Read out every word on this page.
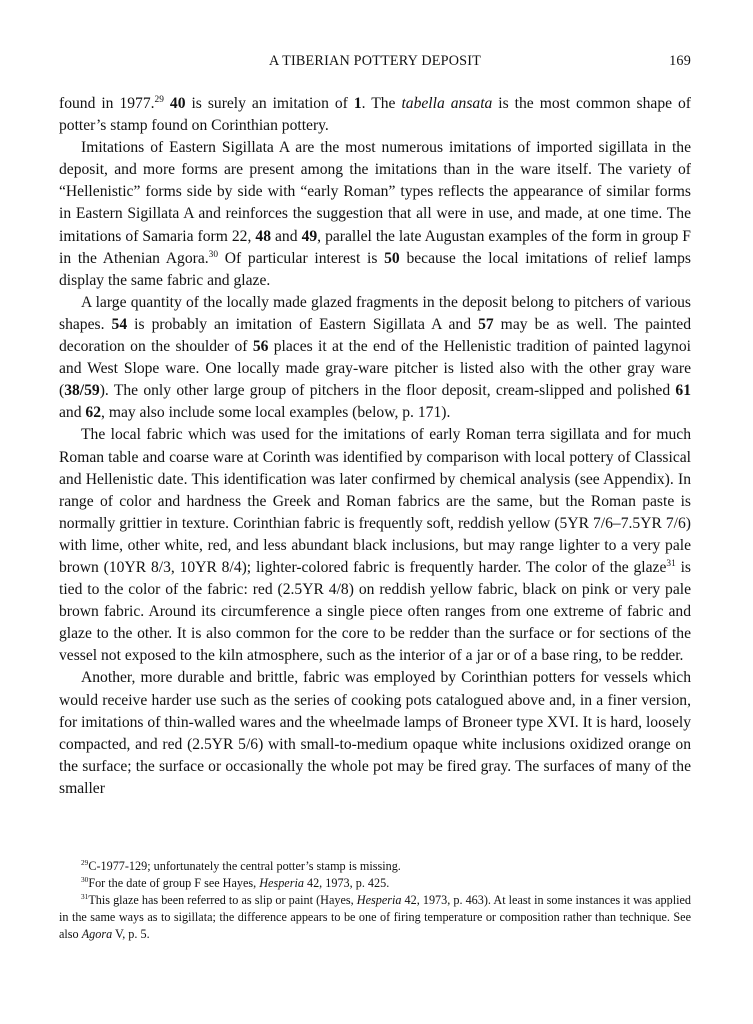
A TIBERIAN POTTERY DEPOSIT	169

found in 1977.29 40 is surely an imitation of 1. The tabella ansata is the most common shape of potter’s stamp found on Corinthian pottery.

Imitations of Eastern Sigillata A are the most numerous imitations of imported sigillata in the deposit, and more forms are present among the imitations than in the ware itself. The variety of “Hellenistic” forms side by side with “early Roman” types reflects the appearance of similar forms in Eastern Sigillata A and reinforces the suggestion that all were in use, and made, at one time. The imitations of Samaria form 22, 48 and 49, parallel the late Augustan examples of the form in group F in the Athenian Agora.$^{30}$ Of particular interest is 50 because the local imitations of relief lamps display the same fabric and glaze.

A large quantity of the locally made glazed fragments in the deposit belong to pitchers of various shapes. 54 is probably an imitation of Eastern Sigillata A and 57 may be as well. The painted decoration on the shoulder of 56 places it at the end of the Hellenistic tradition of painted lagynoi and West Slope ware. One locally made gray-ware pitcher is listed also with the other gray ware (38/59). The only other large group of pitchers in the floor deposit, cream-slipped and polished 61 and 62, may also include some local examples (below, p. 171).

The local fabric which was used for the imitations of early Roman terra sigillata and for much Roman table and coarse ware at Corinth was identified by comparison with local pottery of Classical and Hellenistic date. This identification was later confirmed by chemical analysis (see Appendix). In range of color and hardness the Greek and Roman fabrics are the same, but the Roman paste is normally grittier in texture. Corinthian fabric is frequently soft, reddish yellow (5YR 7/6–7.5YR 7/6) with lime, other white, red, and less abundant black inclusions, but may range lighter to a very pale brown (10YR 8/3, 10YR 8/4); lighter-colored fabric is frequently harder. The color of the glaze$^{31}$ is tied to the color of the fabric: red (2.5YR 4/8) on reddish yellow fabric, black on pink or very pale brown fabric. Around its circumference a single piece often ranges from one extreme of fabric and glaze to the other. It is also common for the core to be redder than the surface or for sections of the vessel not exposed to the kiln atmosphere, such as the interior of a jar or of a base ring, to be redder.

Another, more durable and brittle, fabric was employed by Corinthian potters for vessels which would receive harder use such as the series of cooking pots catalogued above and, in a finer version, for imitations of thin-walled wares and the wheelmade lamps of Broneer type XVI. It is hard, loosely compacted, and red (2.5YR 5/6) with small-to-medium opaque white inclusions oxidized orange on the surface; the surface or occasionally the whole pot may be fired gray. The surfaces of many of the smaller

$^{29}$C-1977-129; unfortunately the central potter’s stamp is missing.

$^{30}$For the date of group F see Hayes, Hesperia 42, 1973, p. 425.

$^{31}$This glaze has been referred to as slip or paint (Hayes, Hesperia 42, 1973, p. 463). At least in some instances it was applied in the same ways as to sigillata; the difference appears to be one of firing temperature or composition rather than technique. See also Agora V, p. 5.
